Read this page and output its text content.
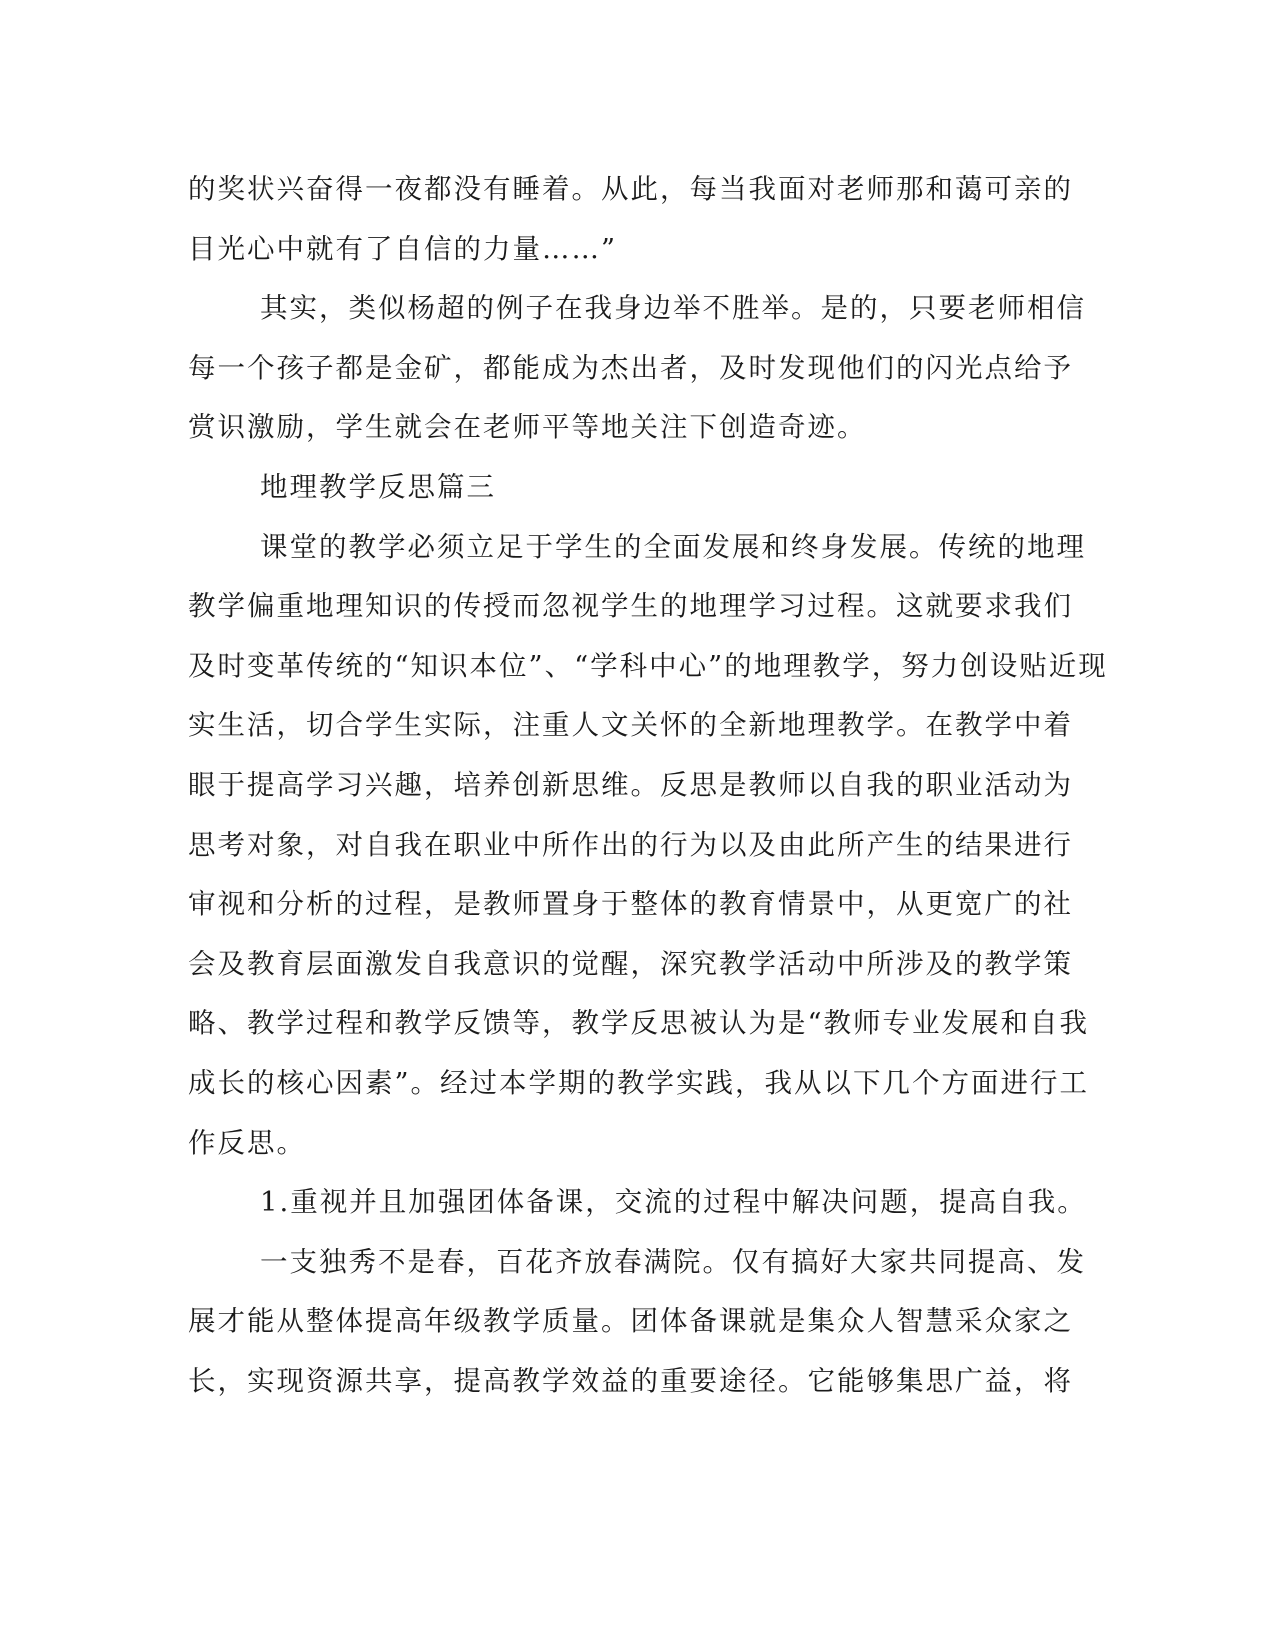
的奖状兴奋得一夜都没有睡着。从此，每当我面对老师那和蔼可亲的
目光心中就有了自信的力量……”
其实，类似杨超的例子在我身边举不胜举。是的，只要老师相信
每一个孩子都是金矿，都能成为杰出者，及时发现他们的闪光点给予
赏识激励，学生就会在老师平等地关注下创造奇迹。
地理教学反思篇三
课堂的教学必须立足于学生的全面发展和终身发展。传统的地理
教学偏重地理知识的传授而忽视学生的地理学习过程。这就要求我们
及时变革传统的“知识本位”、“学科中心”的地理教学，努力创设贴近现
实生活，切合学生实际，注重人文关怀的全新地理教学。在教学中着
眼于提高学习兴趣，培养创新思维。反思是教师以自我的职业活动为
思考对象，对自我在职业中所作出的行为以及由此所产生的结果进行
审视和分析的过程，是教师置身于整体的教育情景中，从更宽广的社
会及教育层面激发自我意识的觉醒，深究教学活动中所涉及的教学策
略、教学过程和教学反馈等，教学反思被认为是“教师专业发展和自我
成长的核心因素”。经过本学期的教学实践，我从以下几个方面进行工
作反思。
1.重视并且加强团体备课，交流的过程中解决问题，提高自我。
一支独秀不是春，百花齐放春满院。仅有搞好大家共同提高、发
展才能从整体提高年级教学质量。团体备课就是集众人智慧采众家之
长，实现资源共享，提高教学效益的重要途径。它能够集思广益，将
